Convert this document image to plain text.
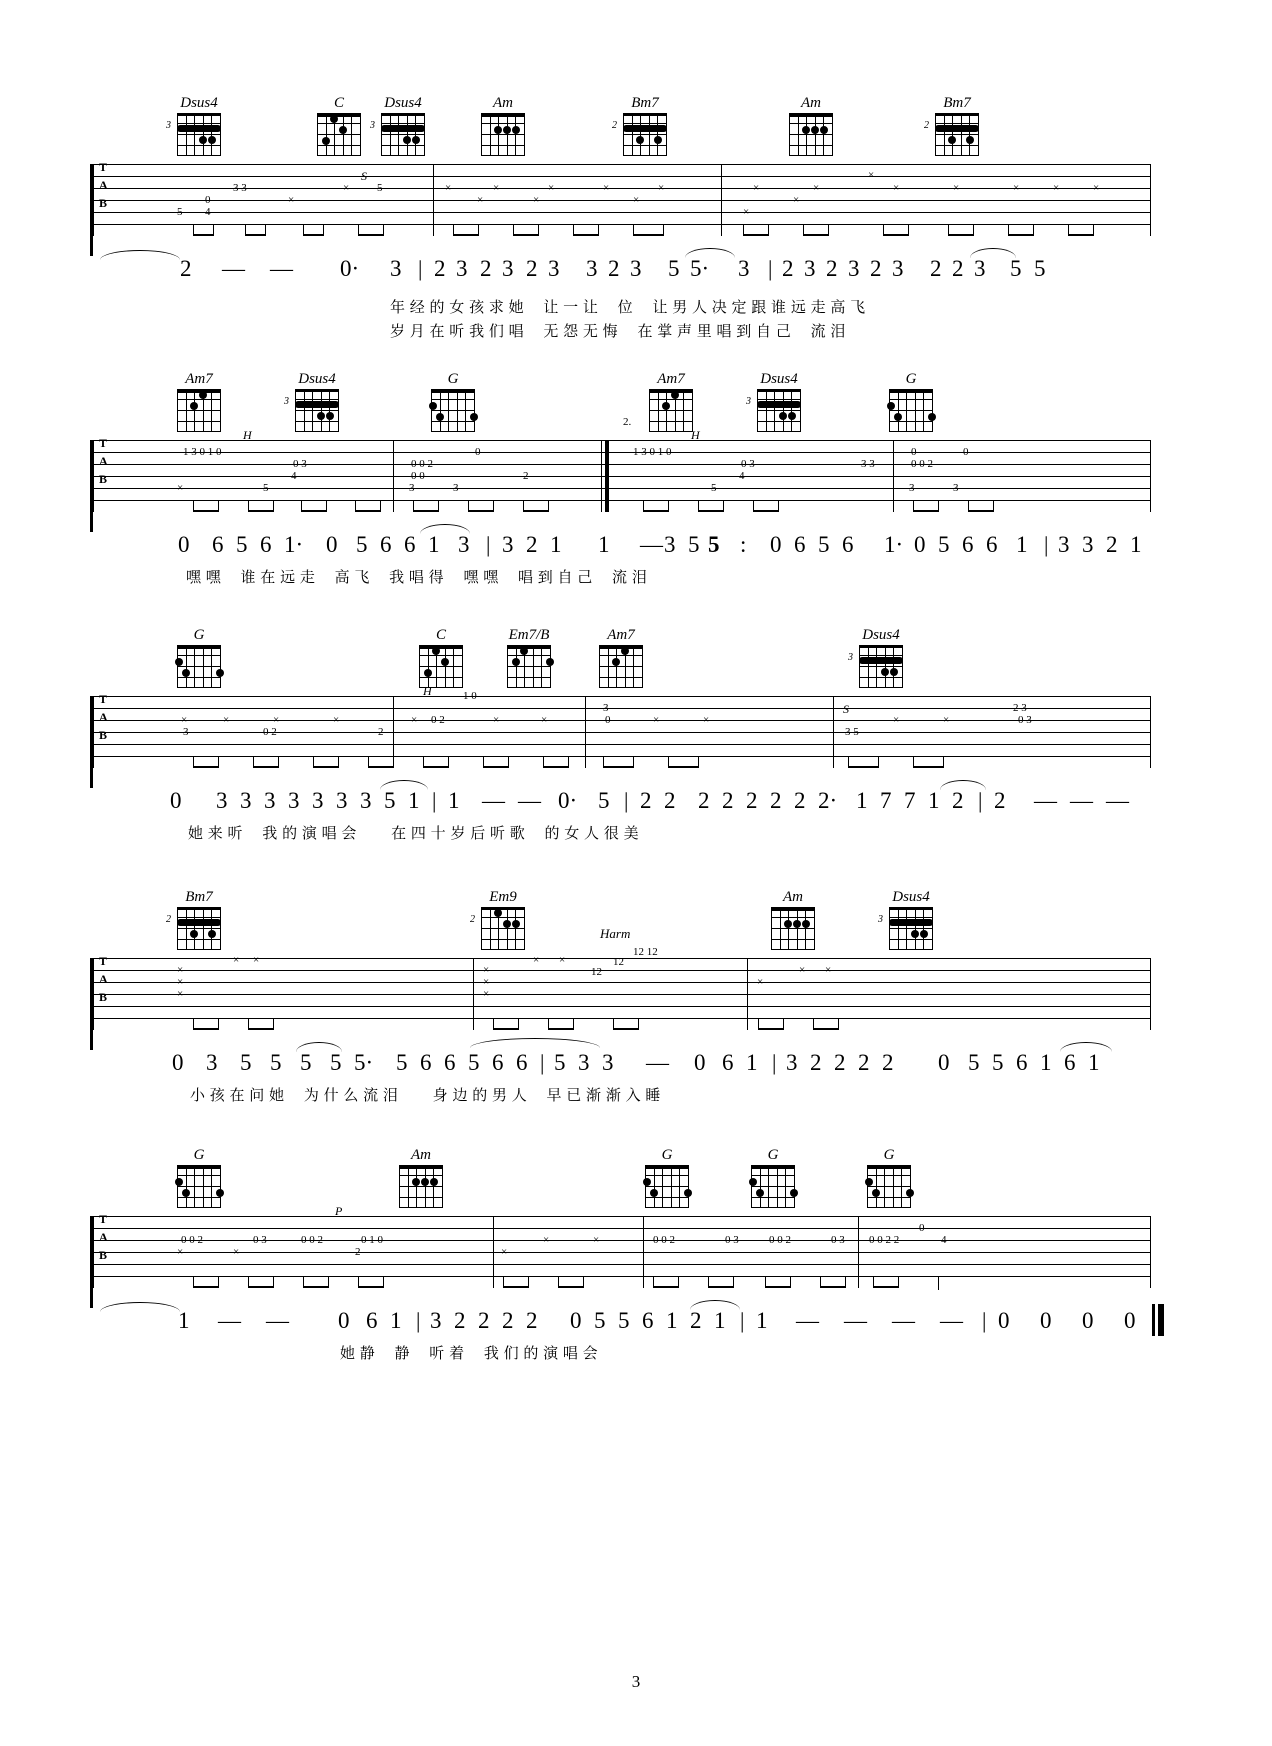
Dsus4
3
C	Dsus4
3
Am	Bm7
2
Am	Bm7
2
T
A
B
3 3
0
5 4
×
×
S
5	×	×	×	×	×
×	×	×
×	×
×
×	×	×
×
×
×	×
2 — — 0· 3 | 2 3 2 3 2 3 3 2 3 5 5· 3 | 2 3 2 3 2 3 2 2 3 5 5
年 经 的 女 孩 求 她 　让 一 让 　位 　让 男 人 决 定 跟 谁 远 走 高 飞
岁 月 在 听 我 们 唱 　无 怨 无 悔 　在 掌 声 里 唱 到 自 己 　流 泪
Am7	Dsus4
3
G	Am7	Dsus4
3
G
T
A
B
H
1 3 0 1 0
0 3
4
5
×
0 0 2
0 0
3	3
0
2
H
1 3 0 1 0
0 3
4
5
3 3	0 0 2
0	0
3	3
–
2.
0 6 5 6 1· 0 5 6 6 1 3 | 3 2 1 1 — 3 5 5 : 0 6 5 6 1· 0 5 6 6 1 | 3 3 2 1
嘿 嘿 　谁 在 远 走 　高 飞 　我 唱 得 　嘿 嘿 　唱 到 自 己 　流 泪
G	C	Em7/B	Am7	Dsus4
3
T
A
B
×	×	×	×
3	0 2	2
H	1 0
0 2
×	×	×
3
0	×	×	–
S
3 5
×	×
2 3
0 3
0 3 3 3 3 3 3 3 5 1 | 1 — — 0· 5 | 2 2 2 2 2 2 2 2· 1 7 7 1 2 | 2 — — —
她 来 听 　我 的 演 唱 会 　　在 四 十 岁 后 听 歌 　的 女 人 很 美
Bm7
2
Em9
2
Am	Dsus4
3
Harm
T
A
B
×
×
×
× ×
–	–
×
×
×
× ×
12 12
12
12
×
× ×
–
0 3 5 5 5 5 5· 5 6 6 5 6 6 | 5 3 3 — 0 6 1 | 3 2 2 2 2 0 5 5 6 1 6 1
小 孩 在 问 她 　为 什 么 流 泪 　　身 边 的 男 人 　早 已 渐 渐 入 睡
G	Am	G	G	G
T
A
B
P
0 0 2	0 3	0 0 2	0 1 0
2
×	×
–
×
×	×	0 0 2	0 3	0 0 2	0 3 0 0 2 2
0
4 –
1 — — 0 6 1 | 3 2 2 2 2 0 5 5 6 1 2 1 | 1 — — — — | 0 0 0 0
她 静 　静 　听 着 　我 们 的 演 唱 会
3
